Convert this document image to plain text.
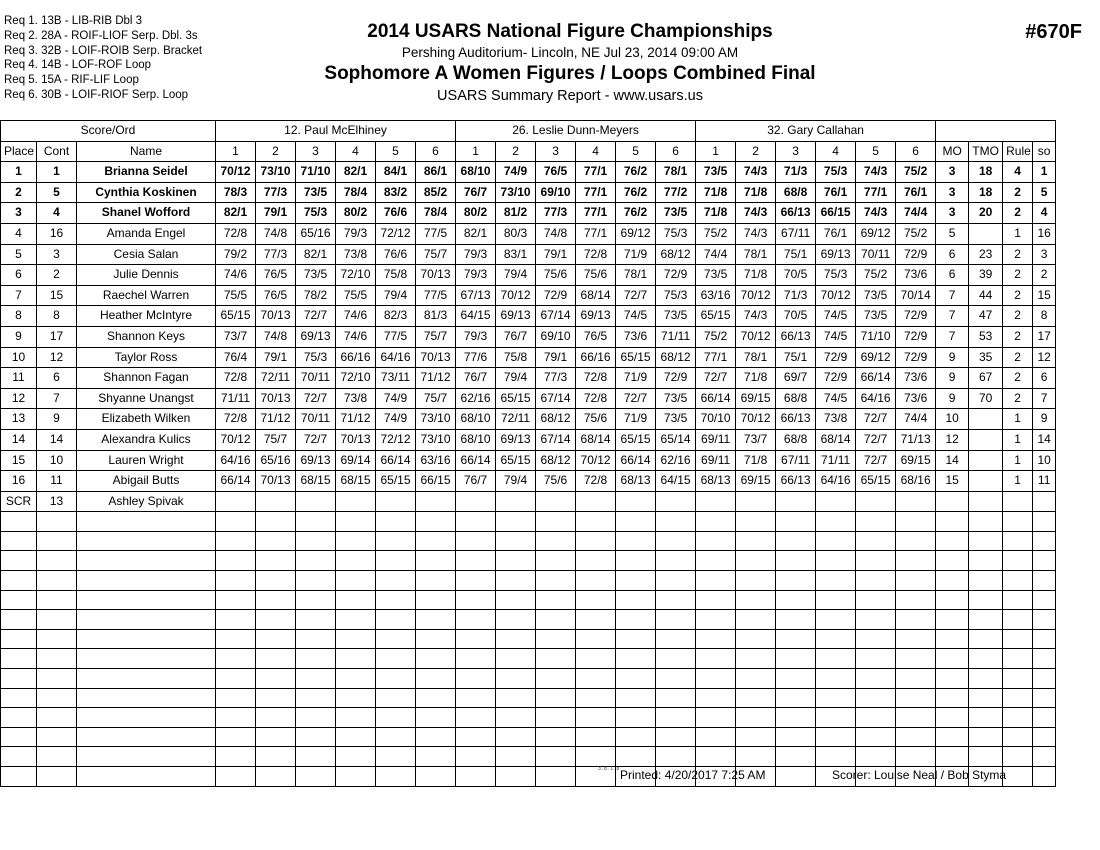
Req 1. 13B - LIB-RIB Dbl 3
Req 2. 28A - ROIF-LIOF Serp. Dbl. 3s
Req 3. 32B - LOIF-ROIB Serp. Bracket
Req 4. 14B - LOF-ROF Loop
Req 5. 15A - RIF-LIF Loop
Req 6. 30B - LOIF-RIOF Serp. Loop
2014 USARS National Figure Championships
Pershing Auditorium- Lincoln, NE Jul 23, 2014 09:00 AM
Sophomore A Women Figures / Loops Combined Final
USARS Summary Report - www.usars.us
#670F
Score/Ord			12. Paul McElhiney						26. Leslie Dunn-Meyers						32. Gary Callahan									
Place	Cont	Name	1	2	3	4	5	6	1	2	3	4	5	6	1	2	3	4	5	6	MO	TMO	Rule	so
1	1	Brianna Seidel	70/12	73/10	71/10	82/1	84/1	86/1	68/10	74/9	76/5	77/1	76/2	78/1	73/5	74/3	71/3	75/3	74/3	75/2	3	18	4	1
2	5	Cynthia Koskinen	78/3	77/3	73/5	78/4	83/2	85/2	76/7	73/10	69/10	77/1	76/2	77/2	71/8	71/8	68/8	76/1	77/1	76/1	3	18	2	5
3	4	Shanel Wofford	82/1	79/1	75/3	80/2	76/6	78/4	80/2	81/2	77/3	77/1	76/2	73/5	71/8	74/3	66/13	66/15	74/3	74/4	3	20	2	4
4	16	Amanda Engel	72/8	74/8	65/16	79/3	72/12	77/5	82/1	80/3	74/8	77/1	69/12	75/3	75/2	74/3	67/11	76/1	69/12	75/2	5		1	16
5	3	Cesia Salan	79/2	77/3	82/1	73/8	76/6	75/7	79/3	83/1	79/1	72/8	71/9	68/12	74/4	78/1	75/1	69/13	70/11	72/9	6	23	2	3
6	2	Julie Dennis	74/6	76/5	73/5	72/10	75/8	70/13	79/3	79/4	75/6	75/6	78/1	72/9	73/5	71/8	70/5	75/3	75/2	73/6	6	39	2	2
7	15	Raechel Warren	75/5	76/5	78/2	75/5	79/4	77/5	67/13	70/12	72/9	68/14	72/7	75/3	63/16	70/12	71/3	70/12	73/5	70/14	7	44	2	15
8	8	Heather McIntyre	65/15	70/13	72/7	74/6	82/3	81/3	64/15	69/13	67/14	69/13	74/5	73/5	65/15	74/3	70/5	74/5	73/5	72/9	7	47	2	8
9	17	Shannon Keys	73/7	74/8	69/13	74/6	77/5	75/7	79/3	76/7	69/10	76/5	73/6	71/11	75/2	70/12	66/13	74/5	71/10	72/9	7	53	2	17
10	12	Taylor Ross	76/4	79/1	75/3	66/16	64/16	70/13	77/6	75/8	79/1	66/16	65/15	68/12	77/1	78/1	75/1	72/9	69/12	72/9	9	35	2	12
11	6	Shannon Fagan	72/8	72/11	70/11	72/10	73/11	71/12	76/7	79/4	77/3	72/8	71/9	72/9	72/7	71/8	69/7	72/9	66/14	73/6	9	67	2	6
12	7	Shyanne Unangst	71/11	70/13	72/7	73/8	74/9	75/7	62/16	65/15	67/14	72/8	72/7	73/5	66/14	69/15	68/8	74/5	64/16	73/6	9	70	2	7
13	9	Elizabeth Wilken	72/8	71/12	70/11	71/12	74/9	73/10	68/10	72/11	68/12	75/6	71/9	73/5	70/10	70/12	66/13	73/8	72/7	74/4	10		1	9
14	14	Alexandra Kulics	70/12	75/7	72/7	70/13	72/12	73/10	68/10	69/13	67/14	68/14	65/15	65/14	69/11	73/7	68/8	68/14	72/7	71/13	12		1	14
15	10	Lauren Wright	64/16	65/16	69/13	69/14	66/14	63/16	66/14	65/15	68/12	70/12	66/14	62/16	69/11	71/8	67/11	71/11	72/7	69/15	14		1	10
16	11	Abigail Butts	66/14	70/13	68/15	68/15	65/15	66/15	76/7	79/4	75/6	72/8	68/13	64/15	68/13	69/15	66/13	64/16	65/15	68/16	15		1	11
SCR	13	Ashley Spivak																						

3.8.1.8 Printed: 4/20/2017 7:25 AM	Scorer: Louise Neal / Bob Styma
